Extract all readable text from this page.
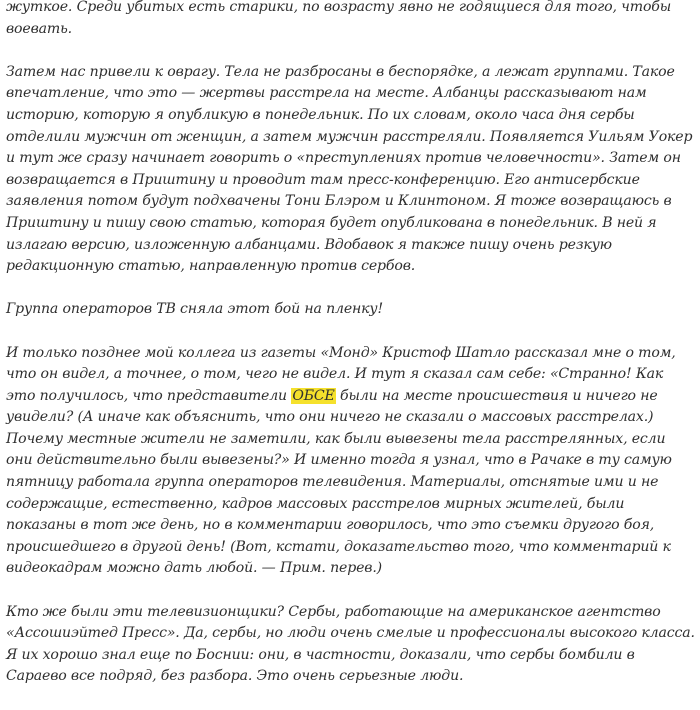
жуткое. Среди убитых есть старики, по возрасту явно не годящиеся для того, чтобы воевать.

Затем нас привели к оврагу. Тела не разбросаны в беспорядке, а лежат группами. Такое впечатление, что это — жертвы расстрела на месте. Албанцы рассказывают нам историю, которую я опубликую в понедельник. По их словам, около часа дня сербы отделили мужчин от женщин, а затем мужчин расстреляли. Появляется Уильям Уокер и тут же сразу начинает говорить о «преступлениях против человечности». Затем он возвращается в Приштину и проводит там пресс-конференцию. Его антисербские заявления потом будут подхвачены Тони Блэром и Клинтоном. Я тоже возвращаюсь в Приштину и пишу свою статью, которая будет опубликована в понедельник. В ней я излагаю версию, изложенную албанцами. Вдобавок я также пишу очень резкую редакционную статью, направленную против сербов.

Группа операторов ТВ сняла этот бой на пленку!

И только позднее мой коллега из газеты «Монд» Кристоф Шатло рассказал мне о том, что он видел, а точнее, о том, чего не видел. И тут я сказал сам себе: «Странно! Как это получилось, что представители ОБСЕ были на месте происшествия и ничего не увидели? (А иначе как объяснить, что они ничего не сказали о массовых расстрелах.) Почему местные жители не заметили, как были вывезены тела расстрелянных, если они действительно были вывезены?» И именно тогда я узнал, что в Рачаке в ту самую пятницу работала группа операторов телевидения. Материалы, отснятые ими и не содержащие, естественно, кадров массовых расстрелов мирных жителей, были показаны в тот же день, но в комментарии говорилось, что это съемки другого боя, происшедшего в другой день! (Вот, кстати, доказательство того, что комментарий к видеокадрам можно дать любой. — Прим. перев.)

Кто же были эти телевизионщики? Сербы, работающие на американское агентство «Ассошиэйтед Пресс». Да, сербы, но люди очень смелые и профессионалы высокого класса. Я их хорошо знал еще по Боснии: они, в частности, доказали, что сербы бомбили в Сараево все подряд, без разбора. Это очень серьезные люди.
